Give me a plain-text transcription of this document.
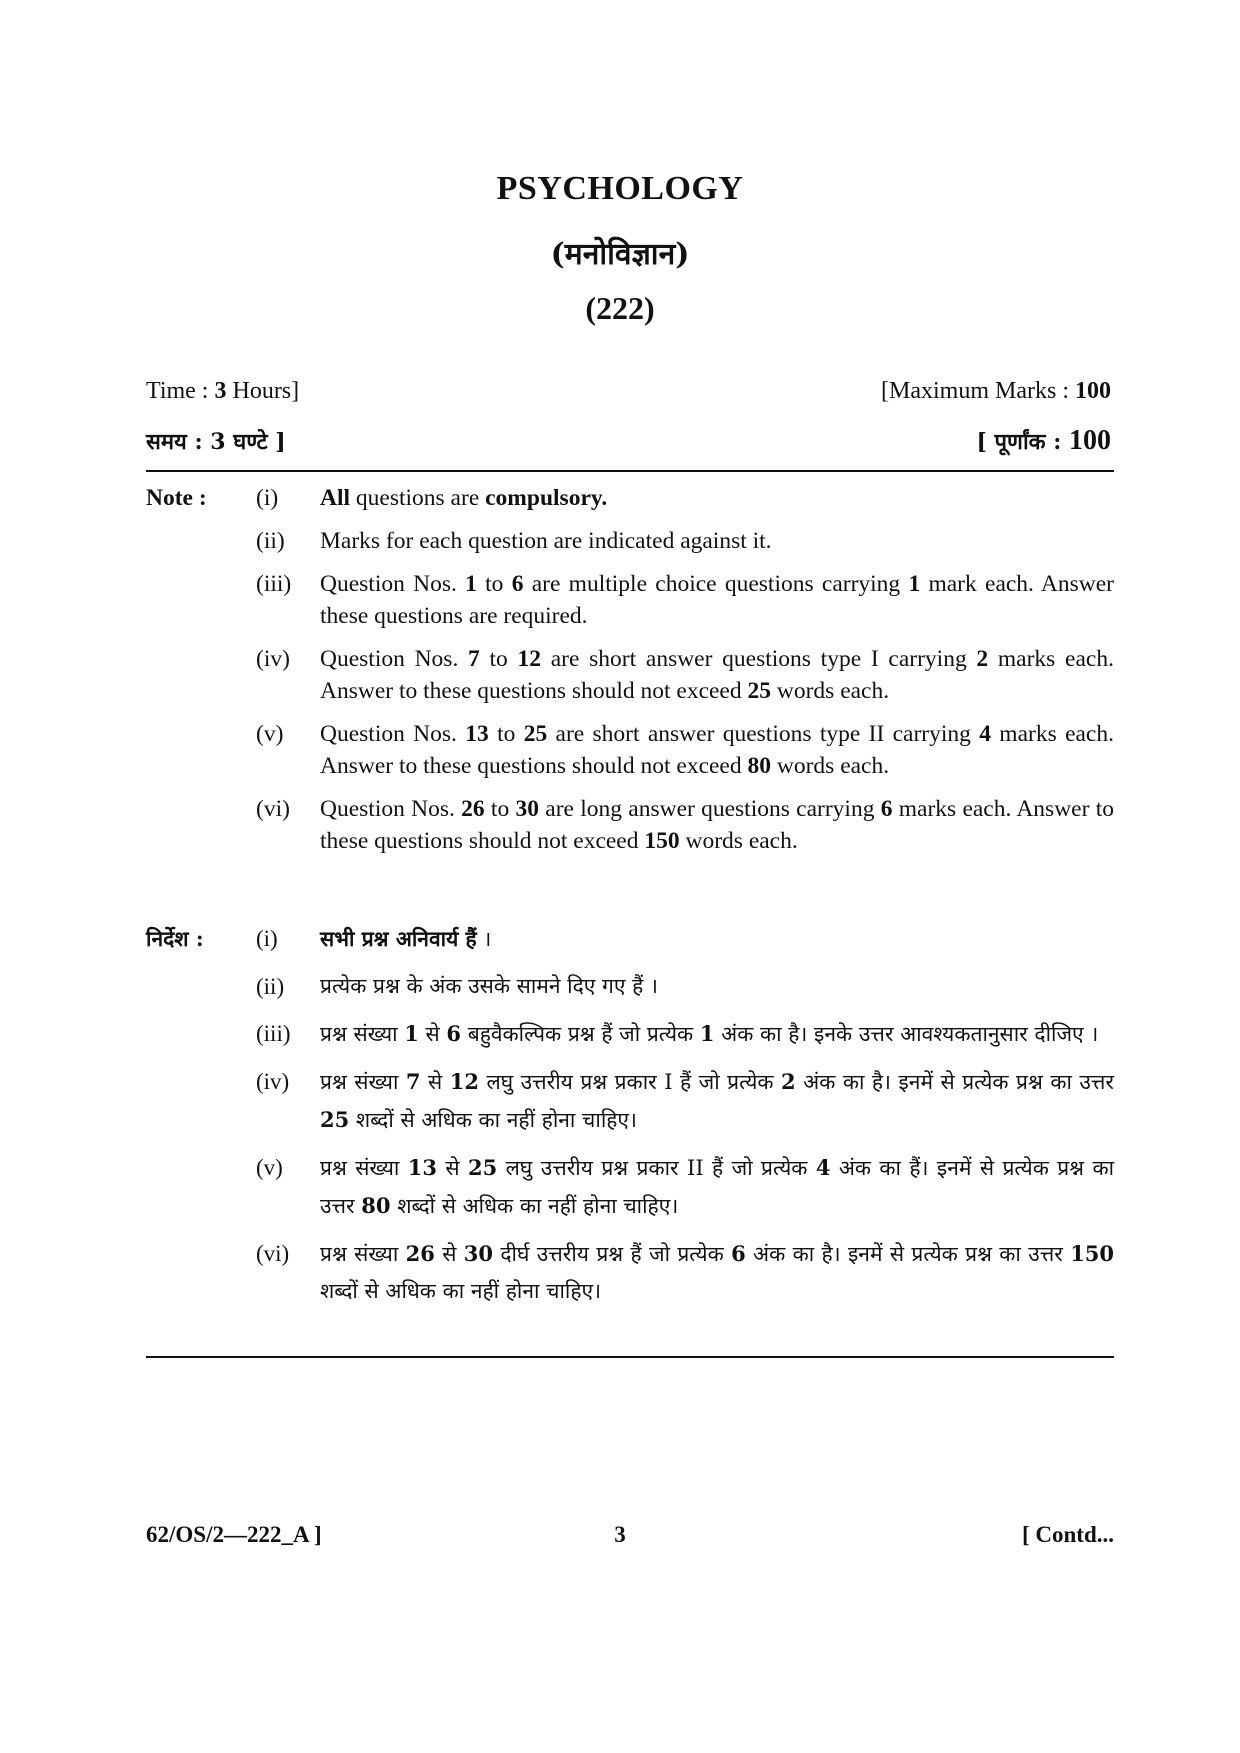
PSYCHOLOGY
(मनोविज्ञान)
(222)
Time : 3 Hours]	[Maximum Marks : 100
समय : 3 घण्टे ]	[ पूर्णांक : 100
Note :	(i)	All questions are compulsory.
(ii)	Marks for each question are indicated against it.
(iii)	Question Nos. 1 to 6 are multiple choice questions carrying 1 mark each. Answer these questions are required.
(iv)	Question Nos. 7 to 12 are short answer questions type I carrying 2 marks each. Answer to these questions should not exceed 25 words each.
(v)	Question Nos. 13 to 25 are short answer questions type II carrying 4 marks each. Answer to these questions should not exceed 80 words each.
(vi)	Question Nos. 26 to 30 are long answer questions carrying 6 marks each. Answer to these questions should not exceed 150 words each.
निर्देश :	(i)	सभी प्रश्न अनिवार्य हैं ।
(ii)	प्रत्येक प्रश्न के अंक उसके सामने दिए गए हैं ।
(iii)	प्रश्न संख्या 1 से 6 बहुवैकल्पिक प्रश्न हैं जो प्रत्येक 1 अंक का है। इनके उत्तर आवश्यकतानुसार दीजिए ।
(iv)	प्रश्न संख्या 7 से 12 लघु उत्तरीय प्रश्न प्रकार I हैं जो प्रत्येक 2 अंक का है। इनमें से प्रत्येक प्रश्न का उत्तर 25 शब्दों से अधिक का नहीं होना चाहिए।
(v)	प्रश्न संख्या 13 से 25 लघु उत्तरीय प्रश्न प्रकार II हैं जो प्रत्येक 4 अंक का हैं। इनमें से प्रत्येक प्रश्न का उत्तर 80 शब्दों से अधिक का नहीं होना चाहिए।
(vi)	प्रश्न संख्या 26 से 30 दीर्घ उत्तरीय प्रश्न हैं जो प्रत्येक 6 अंक का है। इनमें से प्रत्येक प्रश्न का उत्तर 150 शब्दों से अधिक का नहीं होना चाहिए।
62/OS/2—222_A ]	3	[ Contd...
